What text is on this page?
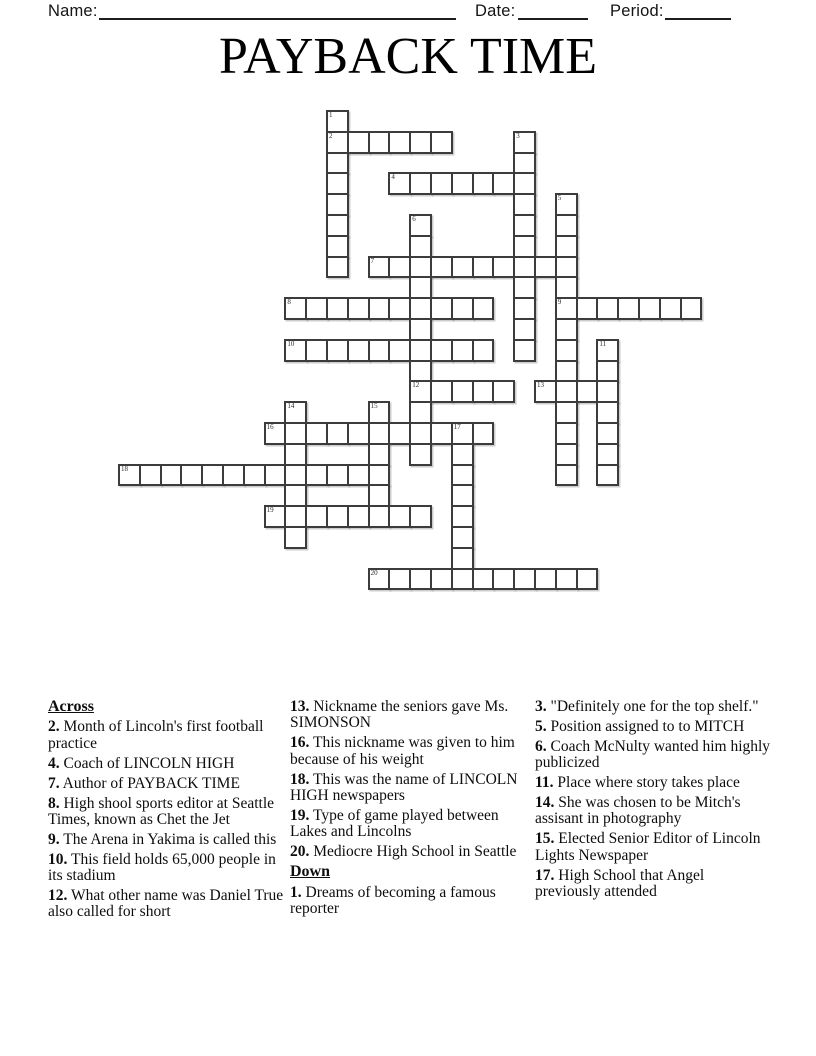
Name:	Date:	Period:
PAYBACK TIME
1
2	3
4
5
6
7
8	9
10	11
12	13
14	15
16	17
18
19
20
Across

2. Month of Lincoln's first football practice

4. Coach of LINCOLN HIGH

7. Author of PAYBACK TIME

8. High shool sports editor at Seattle Times, known as Chet the Jet

9. The Arena in Yakima is called this

10. This field holds 65,000 people in its stadium

12. What other name was Daniel True also called for short

13. Nickname the seniors gave Ms. SIMONSON

16. This nickname was given to him because of his weight

18. This was the name of LINCOLN HIGH newspapers

19. Type of game played between Lakes and Lincolns

20. Mediocre High School in Seattle

Down

1. Dreams of becoming a famous reporter

3. "Definitely one for the top shelf."

5. Position assigned to to MITCH

6. Coach McNulty wanted him highly publicized

11. Place where story takes place

14. She was chosen to be Mitch's assisant in photography

15. Elected Senior Editor of Lincoln Lights Newspaper

17. High School that Angel previously attended
